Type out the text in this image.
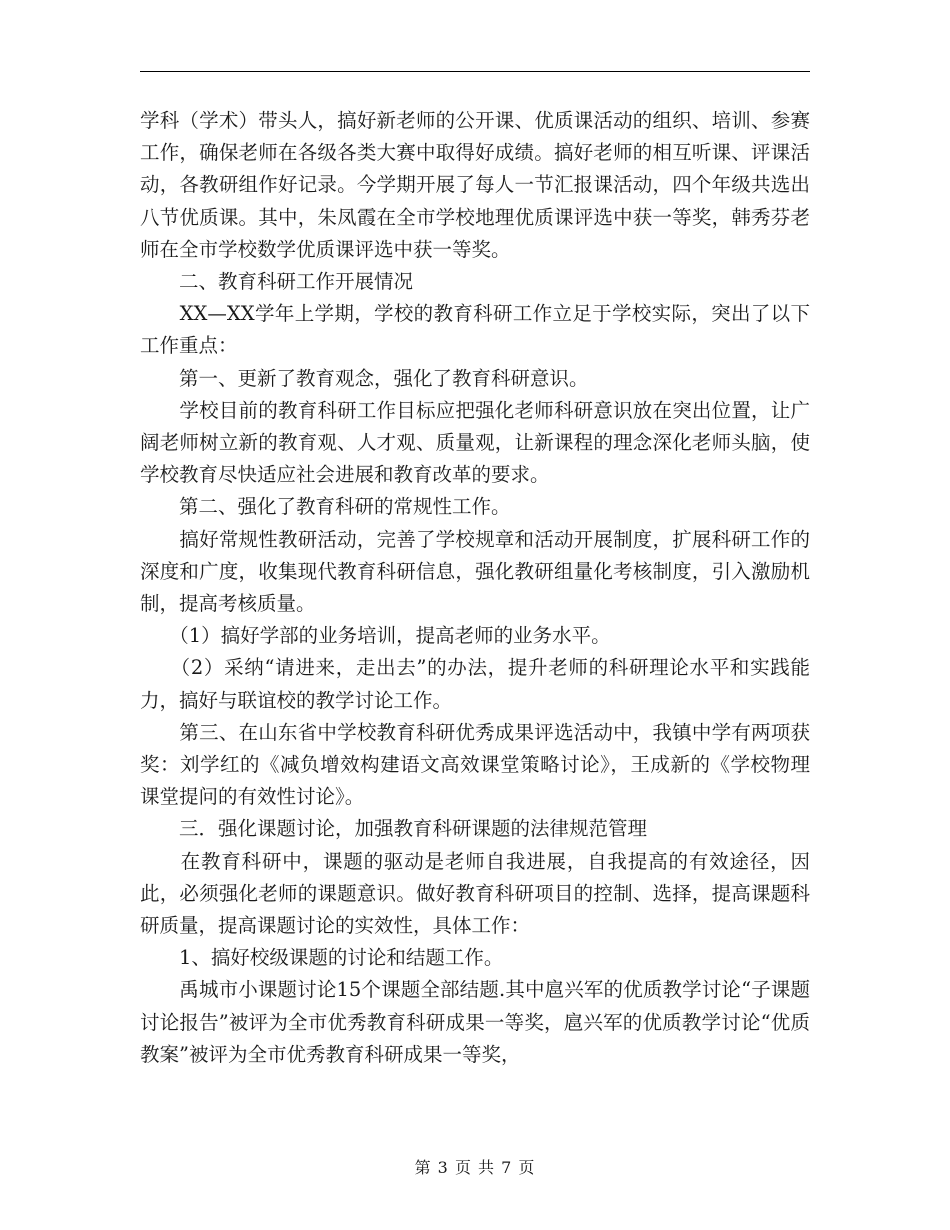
学科（学术）带头人，搞好新老师的公开课、优质课活动的组织、培训、参赛工作，确保老师在各级各类大赛中取得好成绩。搞好老师的相互听课、评课活动，各教研组作好记录。今学期开展了每人一节汇报课活动，四个年级共选出八节优质课。其中，朱凤霞在全市学校地理优质课评选中获一等奖，韩秀芬老师在全市学校数学优质课评选中获一等奖。

　　二、教育科研工作开展情况

　　XX—XX学年上学期，学校的教育科研工作立足于学校实际，突出了以下工作重点：

　　第一、更新了教育观念，强化了教育科研意识。

　　学校目前的教育科研工作目标应把强化老师科研意识放在突出位置，让广阔老师树立新的教育观、人才观、质量观，让新课程的理念深化老师头脑，使学校教育尽快适应社会进展和教育改革的要求。

　　第二、强化了教育科研的常规性工作。

　　搞好常规性教研活动，完善了学校规章和活动开展制度，扩展科研工作的深度和广度，收集现代教育科研信息，强化教研组量化考核制度，引入激励机制，提高考核质量。

　　（1）搞好学部的业务培训，提高老师的业务水平。

　　（2）采纳“请进来，走出去”的办法，提升老师的科研理论水平和实践能力，搞好与联谊校的教学讨论工作。

　　第三、在山东省中学校教育科研优秀成果评选活动中，我镇中学有两项获奖：刘学红的《减负增效构建语文高效课堂策略讨论》，王成新的《学校物理课堂提问的有效性讨论》。

　　三．强化课题讨论，加强教育科研课题的法律规范管理

　　在教育科研中，课题的驱动是老师自我进展，自我提高的有效途径，因此，必须强化老师的课题意识。做好教育科研项目的控制、选择，提高课题科研质量，提高课题讨论的实效性，具体工作：

　　1、搞好校级课题的讨论和结题工作。

　　禹城市小课题讨论15个课题全部结题.其中扈兴军的优质教学讨论“子课题讨论报告”被评为全市优秀教育科研成果一等奖，扈兴军的优质教学讨论“优质教案”被评为全市优秀教育科研成果一等奖，

第 3 页 共 7 页
